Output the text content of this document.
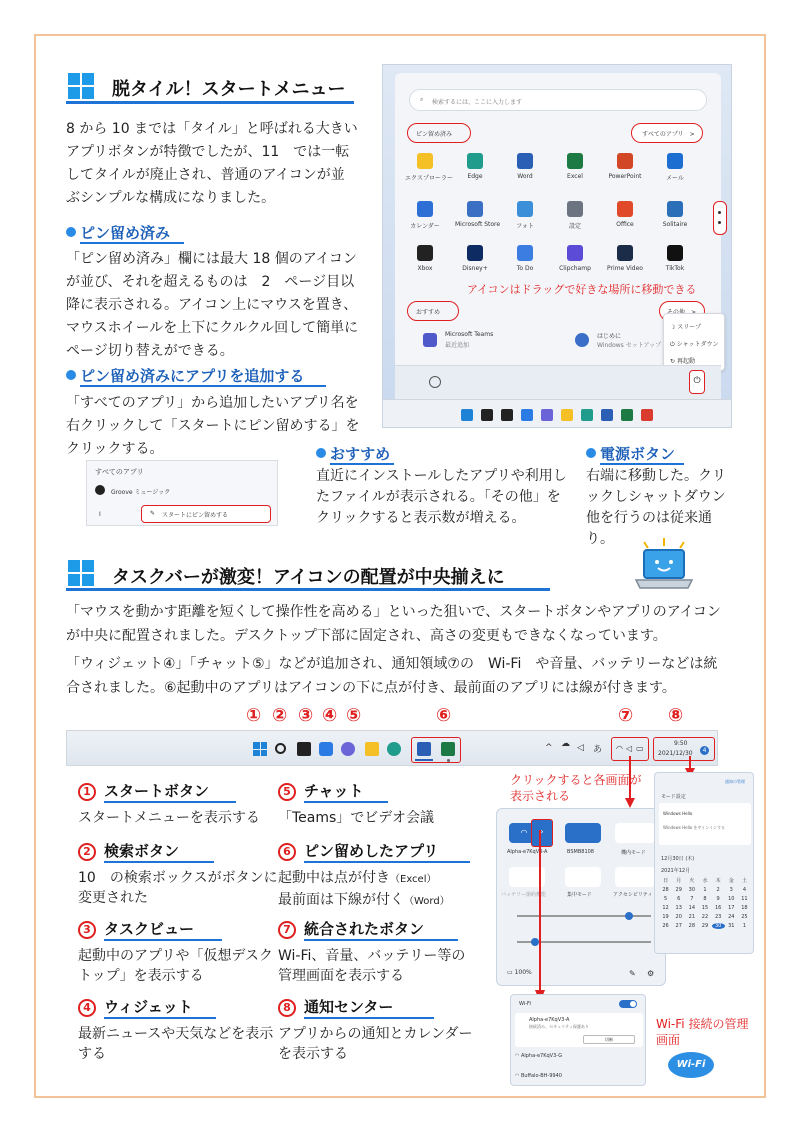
脱タイル！スタートメニュー
8 から 10 までは「タイル」と呼ばれる大きいアプリボタンが特徴でしたが、11　では一転してタイルが廃止され、普通のアイコンが並ぶシンプルな構成になりました。
ピン留め済み
「ピン留め済み」欄には最大 18 個のアイコンが並び、それを超えるものは　2　ページ目以降に表示される。アイコン上にマウスを置き、マウスホイールを上下にクルクル回して簡単にページ切り替えができる。
ピン留め済みにアプリを追加する
「すべてのアプリ」から追加したいアプリ名を右クリックして「スタートにピン留めする」をクリックする。
すべてのアプリ
Groove ミュージック
I	✎ スタートにピン留めする
⌕ 検索するには、ここに入力します
ピン留め済み	すべてのアプリ　>
エクスプローラー	Edge	Word	Excel	PowerPoint	メール
カレンダー	Microsoft Store	フォト	設定	Office	Solitaire
Xbox	Disney+	To Do	Clipchamp	Prime Video	TikTok
アイコンはドラッグで好きな場所に移動できる
おすすめ
Microsoft Teams
最近追加
はじめに
Windows セットアップ
☽ スリープ
⏻ シャットダウン
↻ 再起動
⏻
おすすめ
直近にインストールしたアプリや利用したファイルが表示される。「その他」をクリックすると表示数が増える。
電源ボタン
右端に移動した。クリックしシャットダウン他を行うのは従来通り。
タスクバーが激変！アイコンの配置が中央揃えに
「マウスを動かす距離を短くして操作性を高める」といった狙いで、スタートボタンやアプリのアイコンが中央に配置されました。デスクトップ下部に固定され、高さの変更もできなくなっています。
「ウィジェット④」「チャット⑤」などが追加され、通知領域⑦の　Wi-Fi　や音量、バッテリーなどは統合されました。⑥起動中のアプリはアイコンの下に点が付き、最前面のアプリには線が付きます。
① ② ③ ④ ⑤	⑥	⑦ ⑧
^ ☁ ◁ あ ◠ ◁ ▭
9:50
2021/12/30	4
1 スタートボタン
スタートメニューを表示する
2 検索ボタン
10　の検索ボックスがボタンに変更された
3 タスクビュー
起動中のアプリや「仮想デスクトップ」を表示する
4 ウィジェット
最新ニュースや天気などを表示する
5 チャット
「Teams」でビデオ会議
6 ピン留めしたアプリ
起動中は点が付き（Excel）
最前面は下線が付く（Word）
7 統合されたボタン
Wi-Fi、音量、バッテリー等の管理画面を表示する
8 通知センター
アプリからの通知とカレンダーを表示する
クリックすると各画面が表示される
◠	›
Alpha-e7KqV3-A	BSMB8108	機内モード
バッテリー節約機能	集中モード	アクセシビリティ
▭ 100%	✎ ⚙
通知の管理
モード設定
Windows Hello
Windows Hello をサインインする
12月30日 (木)
2021年12月
日	月	火	水	木	金	土
28	29	30	1	2	3	4
5	6	7	8	9	10	11
12	13	14	15	16	17	18
19	20	21	22	23	24	25
26	27	28	29	30	31	1
Wi-Fi
Alpha-e7KqV3-A
接続済み、セキュリティ保護あり
切断
◠ Alpha-e7KqV3-G
◠ Buffalo-BH-9940
Wi-Fi 接続の管理画面
Wi-Fi
